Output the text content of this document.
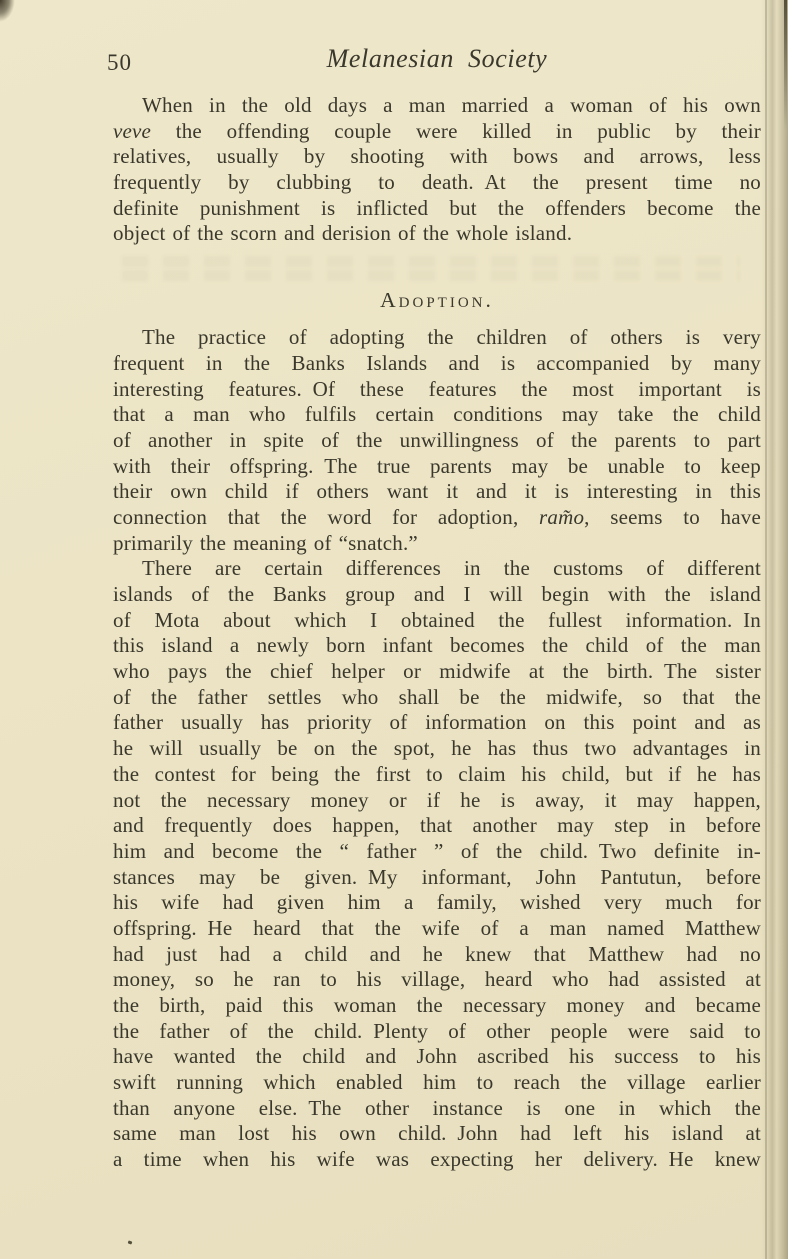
50	Melanesian Society
When in the old days a man married a woman of his own
veve the offending couple were killed in public by their
relatives, usually by shooting with bows and arrows, less
frequently by clubbing to death. At the present time no
definite punishment is inflicted but the offenders become the
object of the scorn and derision of the whole island.
Adoption.
The practice of adopting the children of others is very
frequent in the Banks Islands and is accompanied by many
interesting features. Of these features the most important is
that a man who fulfils certain conditions may take the child
of another in spite of the unwillingness of the parents to part
with their offspring. The true parents may be unable to keep
their own child if others want it and it is interesting in this
connection that the word for adoption, ram̃o, seems to have
primarily the meaning of “snatch.”
There are certain differences in the customs of different
islands of the Banks group and I will begin with the island
of Mota about which I obtained the fullest information. In
this island a newly born infant becomes the child of the man
who pays the chief helper or midwife at the birth. The sister
of the father settles who shall be the midwife, so that the
father usually has priority of information on this point and as
he will usually be on the spot, he has thus two advantages in
the contest for being the first to claim his child, but if he has
not the necessary money or if he is away, it may happen,
and frequently does happen, that another may step in before
him and become the “ father ” of the child. Two definite in-
stances may be given. My informant, John Pantutun, before
his wife had given him a family, wished very much for
offspring. He heard that the wife of a man named Matthew
had just had a child and he knew that Matthew had no
money, so he ran to his village, heard who had assisted at
the birth, paid this woman the necessary money and became
the father of the child. Plenty of other people were said to
have wanted the child and John ascribed his success to his
swift running which enabled him to reach the village earlier
than anyone else. The other instance is one in which the
same man lost his own child. John had left his island at
a time when his wife was expecting her delivery. He knew
